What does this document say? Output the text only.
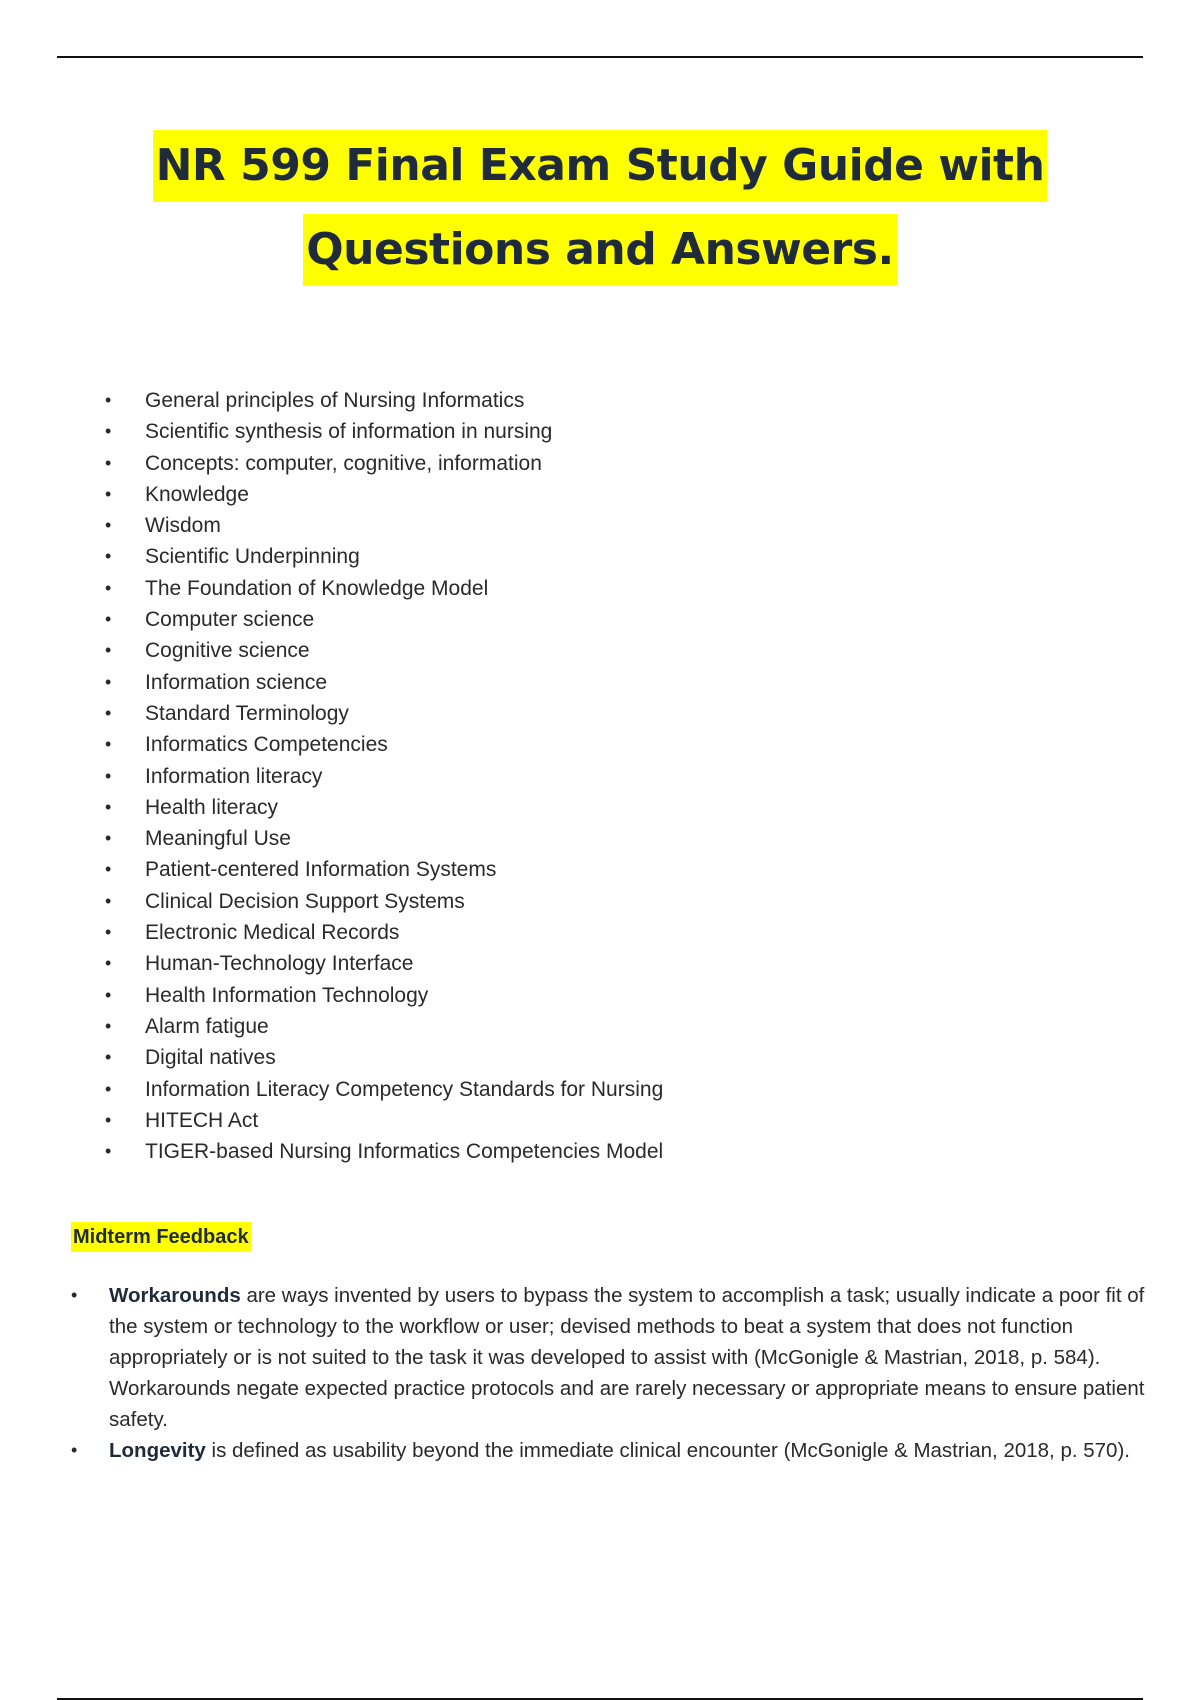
NR 599 Final Exam Study Guide with
Questions and Answers.
• General principles of Nursing Informatics
• Scientific synthesis of information in nursing
• Concepts: computer, cognitive, information
• Knowledge
• Wisdom
• Scientific Underpinning
• The Foundation of Knowledge Model
• Computer science
• Cognitive science
• Information science
• Standard Terminology
• Informatics Competencies
• Information literacy
• Health literacy
• Meaningful Use
• Patient-centered Information Systems
• Clinical Decision Support Systems
• Electronic Medical Records
• Human-Technology Interface
• Health Information Technology
• Alarm fatigue
• Digital natives
• Information Literacy Competency Standards for Nursing
• HITECH Act
• TIGER-based Nursing Informatics Competencies Model
Midterm Feedback
• Workarounds are ways invented by users to bypass the system to accomplish a task; usually indicate a poor fit of the system or technology to the workflow or user; devised methods to beat a system that does not function appropriately or is not suited to the task it was developed to assist with (McGonigle & Mastrian, 2018, p. 584). Workarounds negate expected practice protocols and are rarely necessary or appropriate means to ensure patient safety.
• Longevity is defined as usability beyond the immediate clinical encounter (McGonigle & Mastrian, 2018, p. 570).
